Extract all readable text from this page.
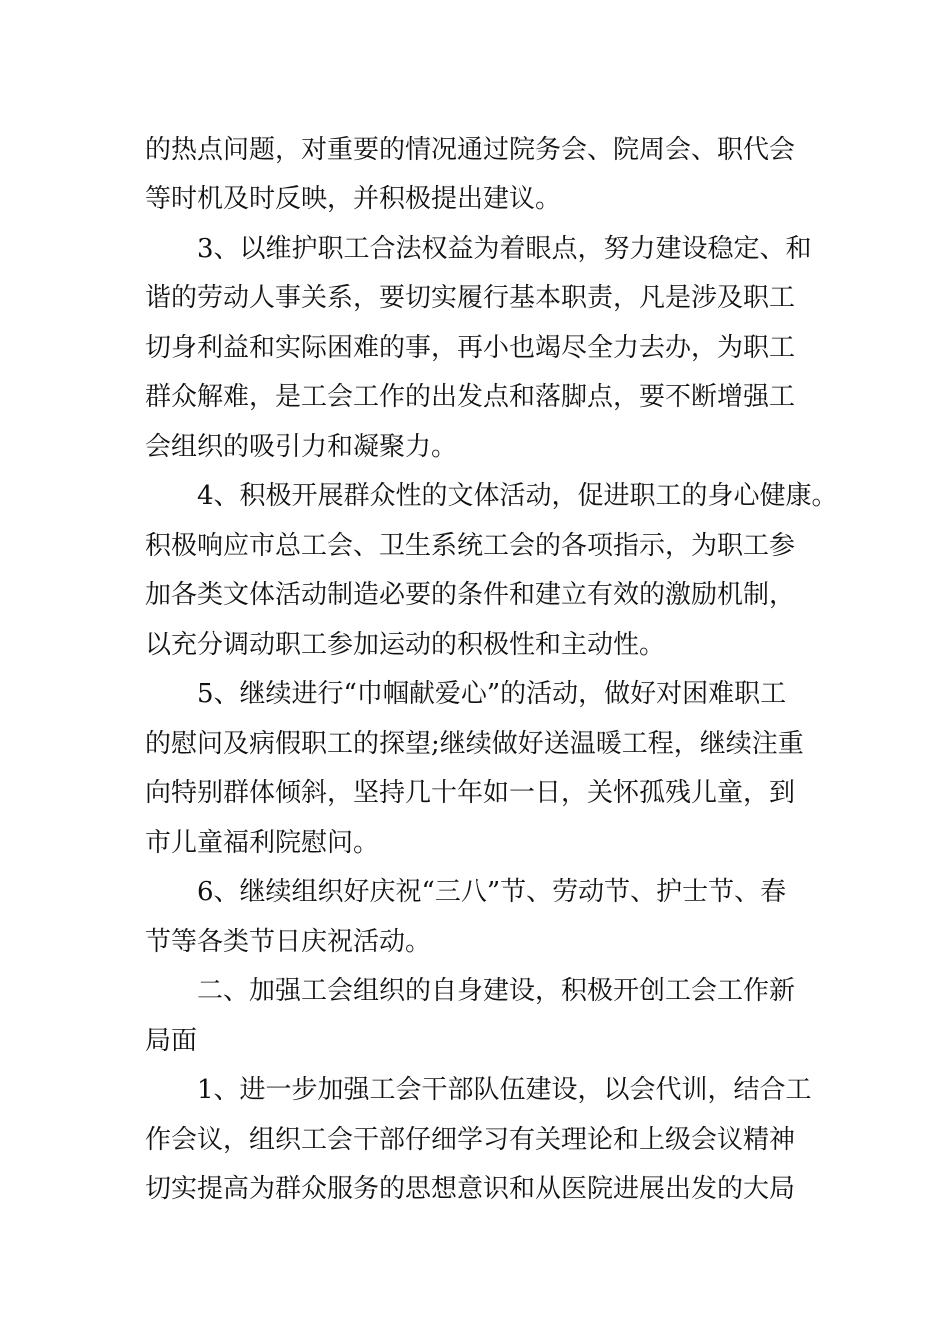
的热点问题，对重要的情况通过院务会、院周会、职代会
等时机及时反映，并积极提出建议。
3、以维护职工合法权益为着眼点，努力建设稳定、和
谐的劳动人事关系，要切实履行基本职责，凡是涉及职工
切身利益和实际困难的事，再小也竭尽全力去办，为职工
群众解难，是工会工作的出发点和落脚点，要不断增强工
会组织的吸引力和凝聚力。
4、积极开展群众性的文体活动，促进职工的身心健康。
积极响应市总工会、卫生系统工会的各项指示，为职工参
加各类文体活动制造必要的条件和建立有效的激励机制，
以充分调动职工参加运动的积极性和主动性。
5、继续进行“巾帼献爱心”的活动，做好对困难职工
的慰问及病假职工的探望;继续做好送温暖工程，继续注重
向特别群体倾斜，坚持几十年如一日，关怀孤残儿童，到
市儿童福利院慰问。
6、继续组织好庆祝“三八”节、劳动节、护士节、春
节等各类节日庆祝活动。
二、加强工会组织的自身建设，积极开创工会工作新
局面
1、进一步加强工会干部队伍建设，以会代训，结合工
作会议，组织工会干部仔细学习有关理论和上级会议精神
切实提高为群众服务的思想意识和从医院进展出发的大局
